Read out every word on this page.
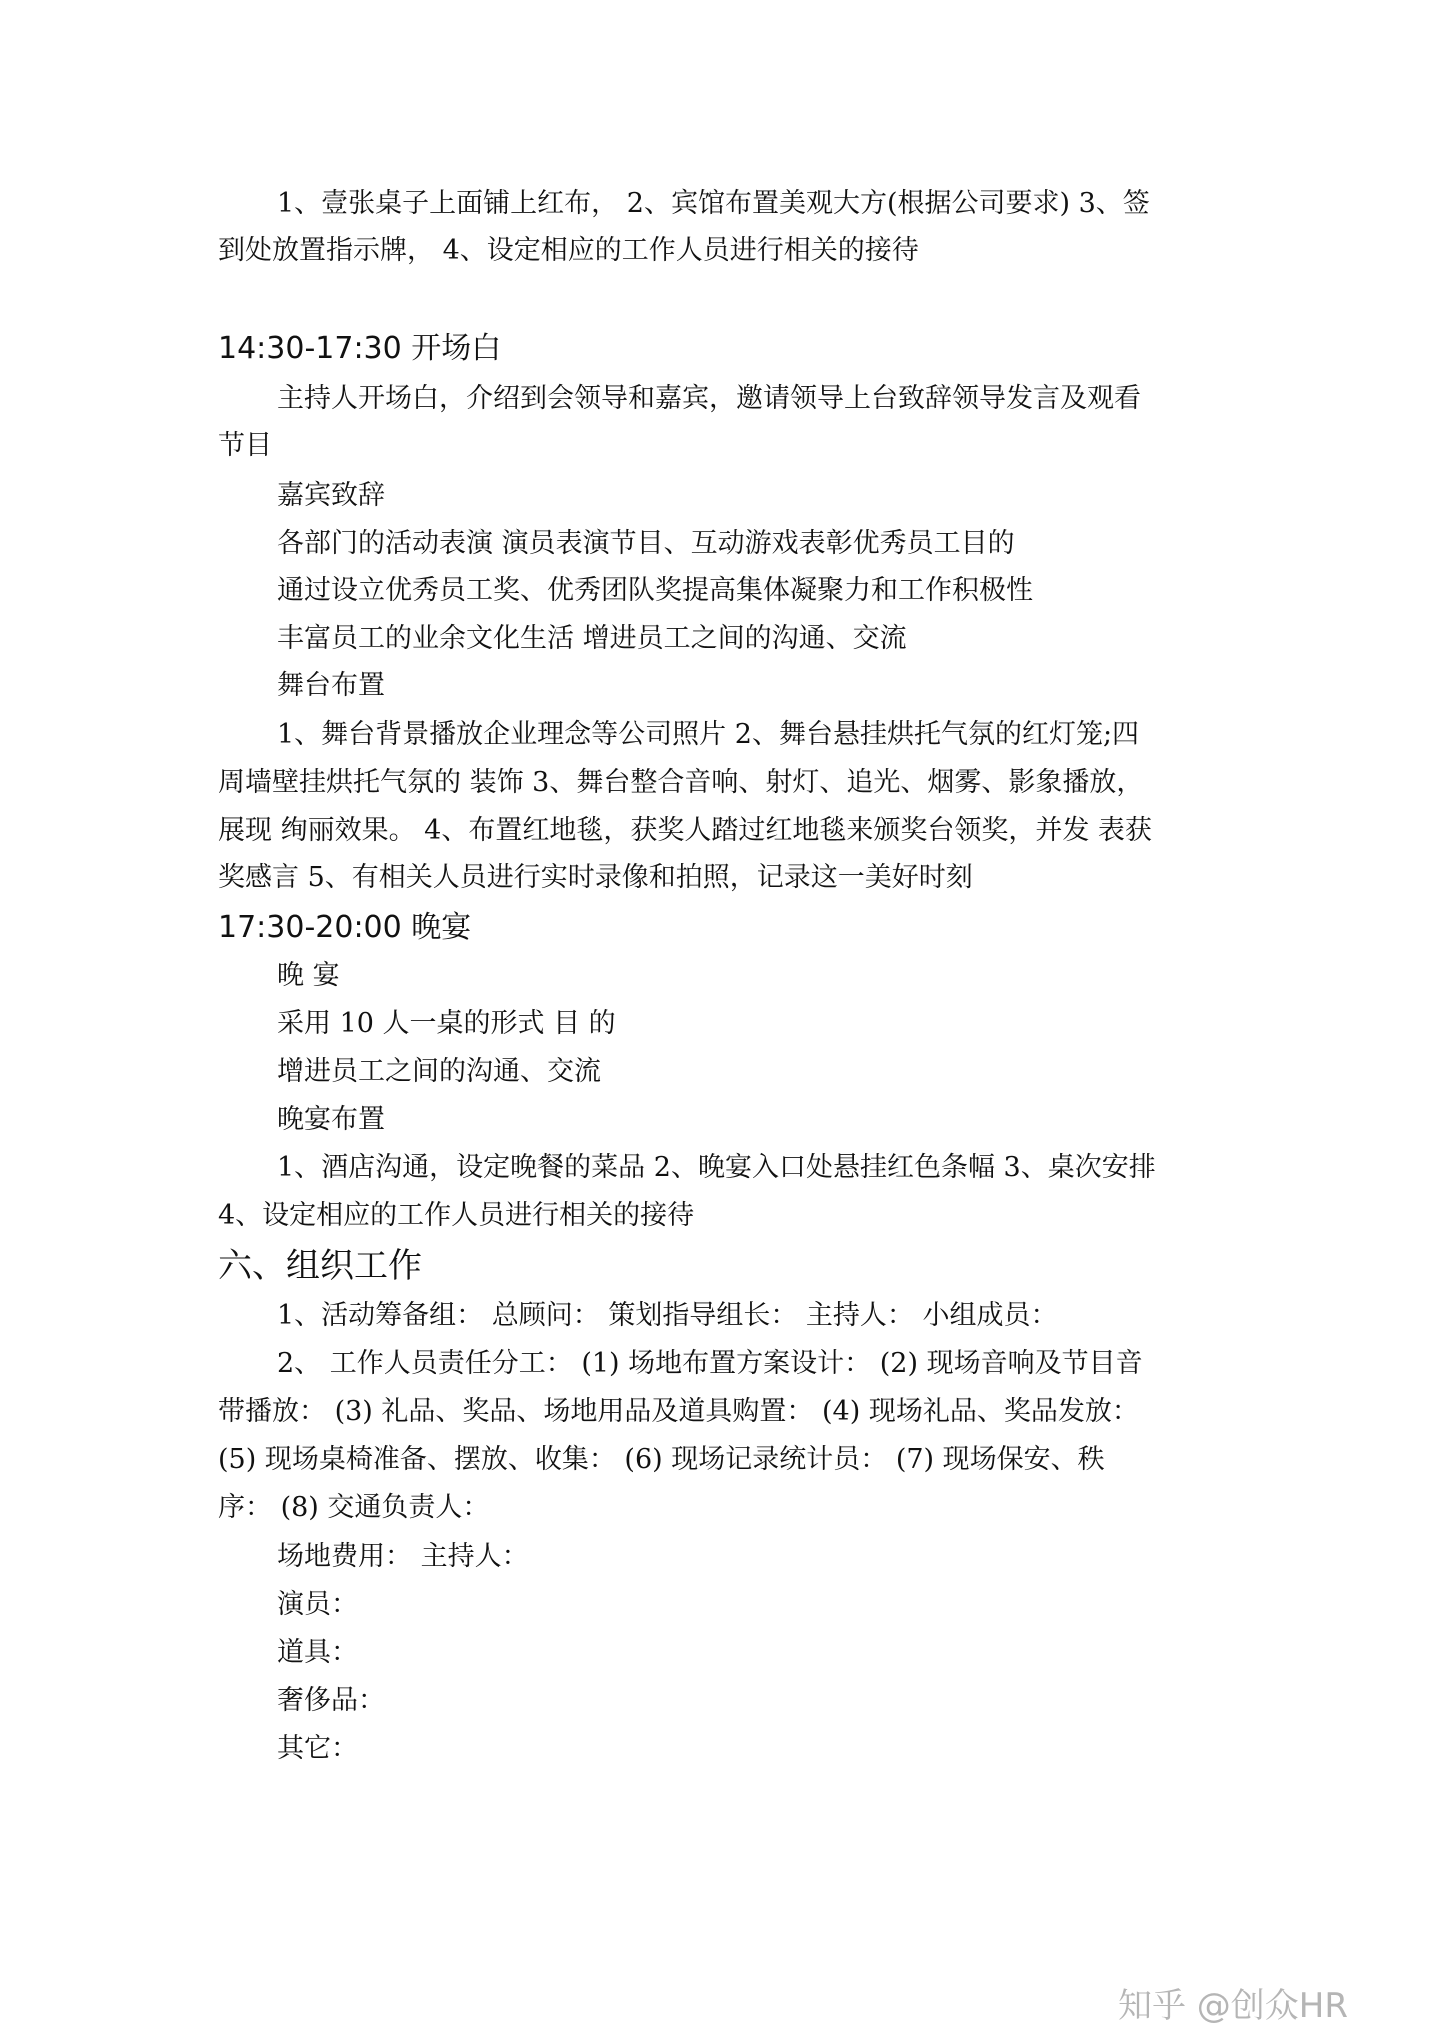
1、壹张桌子上面铺上红布， 2、宾馆布置美观大方(根据公司要求) 3、签
到处放置指示牌， 4、设定相应的工作人员进行相关的接待
14:30-17:30 开场白
主持人开场白，介绍到会领导和嘉宾，邀请领导上台致辞领导发言及观看
节目
嘉宾致辞
各部门的活动表演 演员表演节目、互动游戏表彰优秀员工目的
通过设立优秀员工奖、优秀团队奖提高集体凝聚力和工作积极性
丰富员工的业余文化生活 增进员工之间的沟通、交流
舞台布置
1、舞台背景播放企业理念等公司照片 2、舞台悬挂烘托气氛的红灯笼;四
周墙壁挂烘托气氛的 装饰 3、舞台整合音响、射灯、追光、烟雾、影象播放，
展现 绚丽效果。 4、布置红地毯，获奖人踏过红地毯来颁奖台领奖，并发 表获
奖感言 5、有相关人员进行实时录像和拍照，记录这一美好时刻
17:30-20:00 晚宴
晚 宴
采用 10 人一桌的形式 目 的
增进员工之间的沟通、交流
晚宴布置
1、酒店沟通，设定晚餐的菜品 2、晚宴入口处悬挂红色条幅 3、桌次安排
4、设定相应的工作人员进行相关的接待
六、组织工作
1、活动筹备组： 总顾问： 策划指导组长： 主持人： 小组成员：
2、 工作人员责任分工： (1) 场地布置方案设计： (2) 现场音响及节目音
带播放： (3) 礼品、奖品、场地用品及道具购置： (4) 现场礼品、奖品发放：
(5) 现场桌椅准备、摆放、收集： (6) 现场记录统计员： (7) 现场保安、秩
序： (8) 交通负责人：
场地费用： 主持人：
演员：
道具：
奢侈品：
其它：
知乎 @创众HR
